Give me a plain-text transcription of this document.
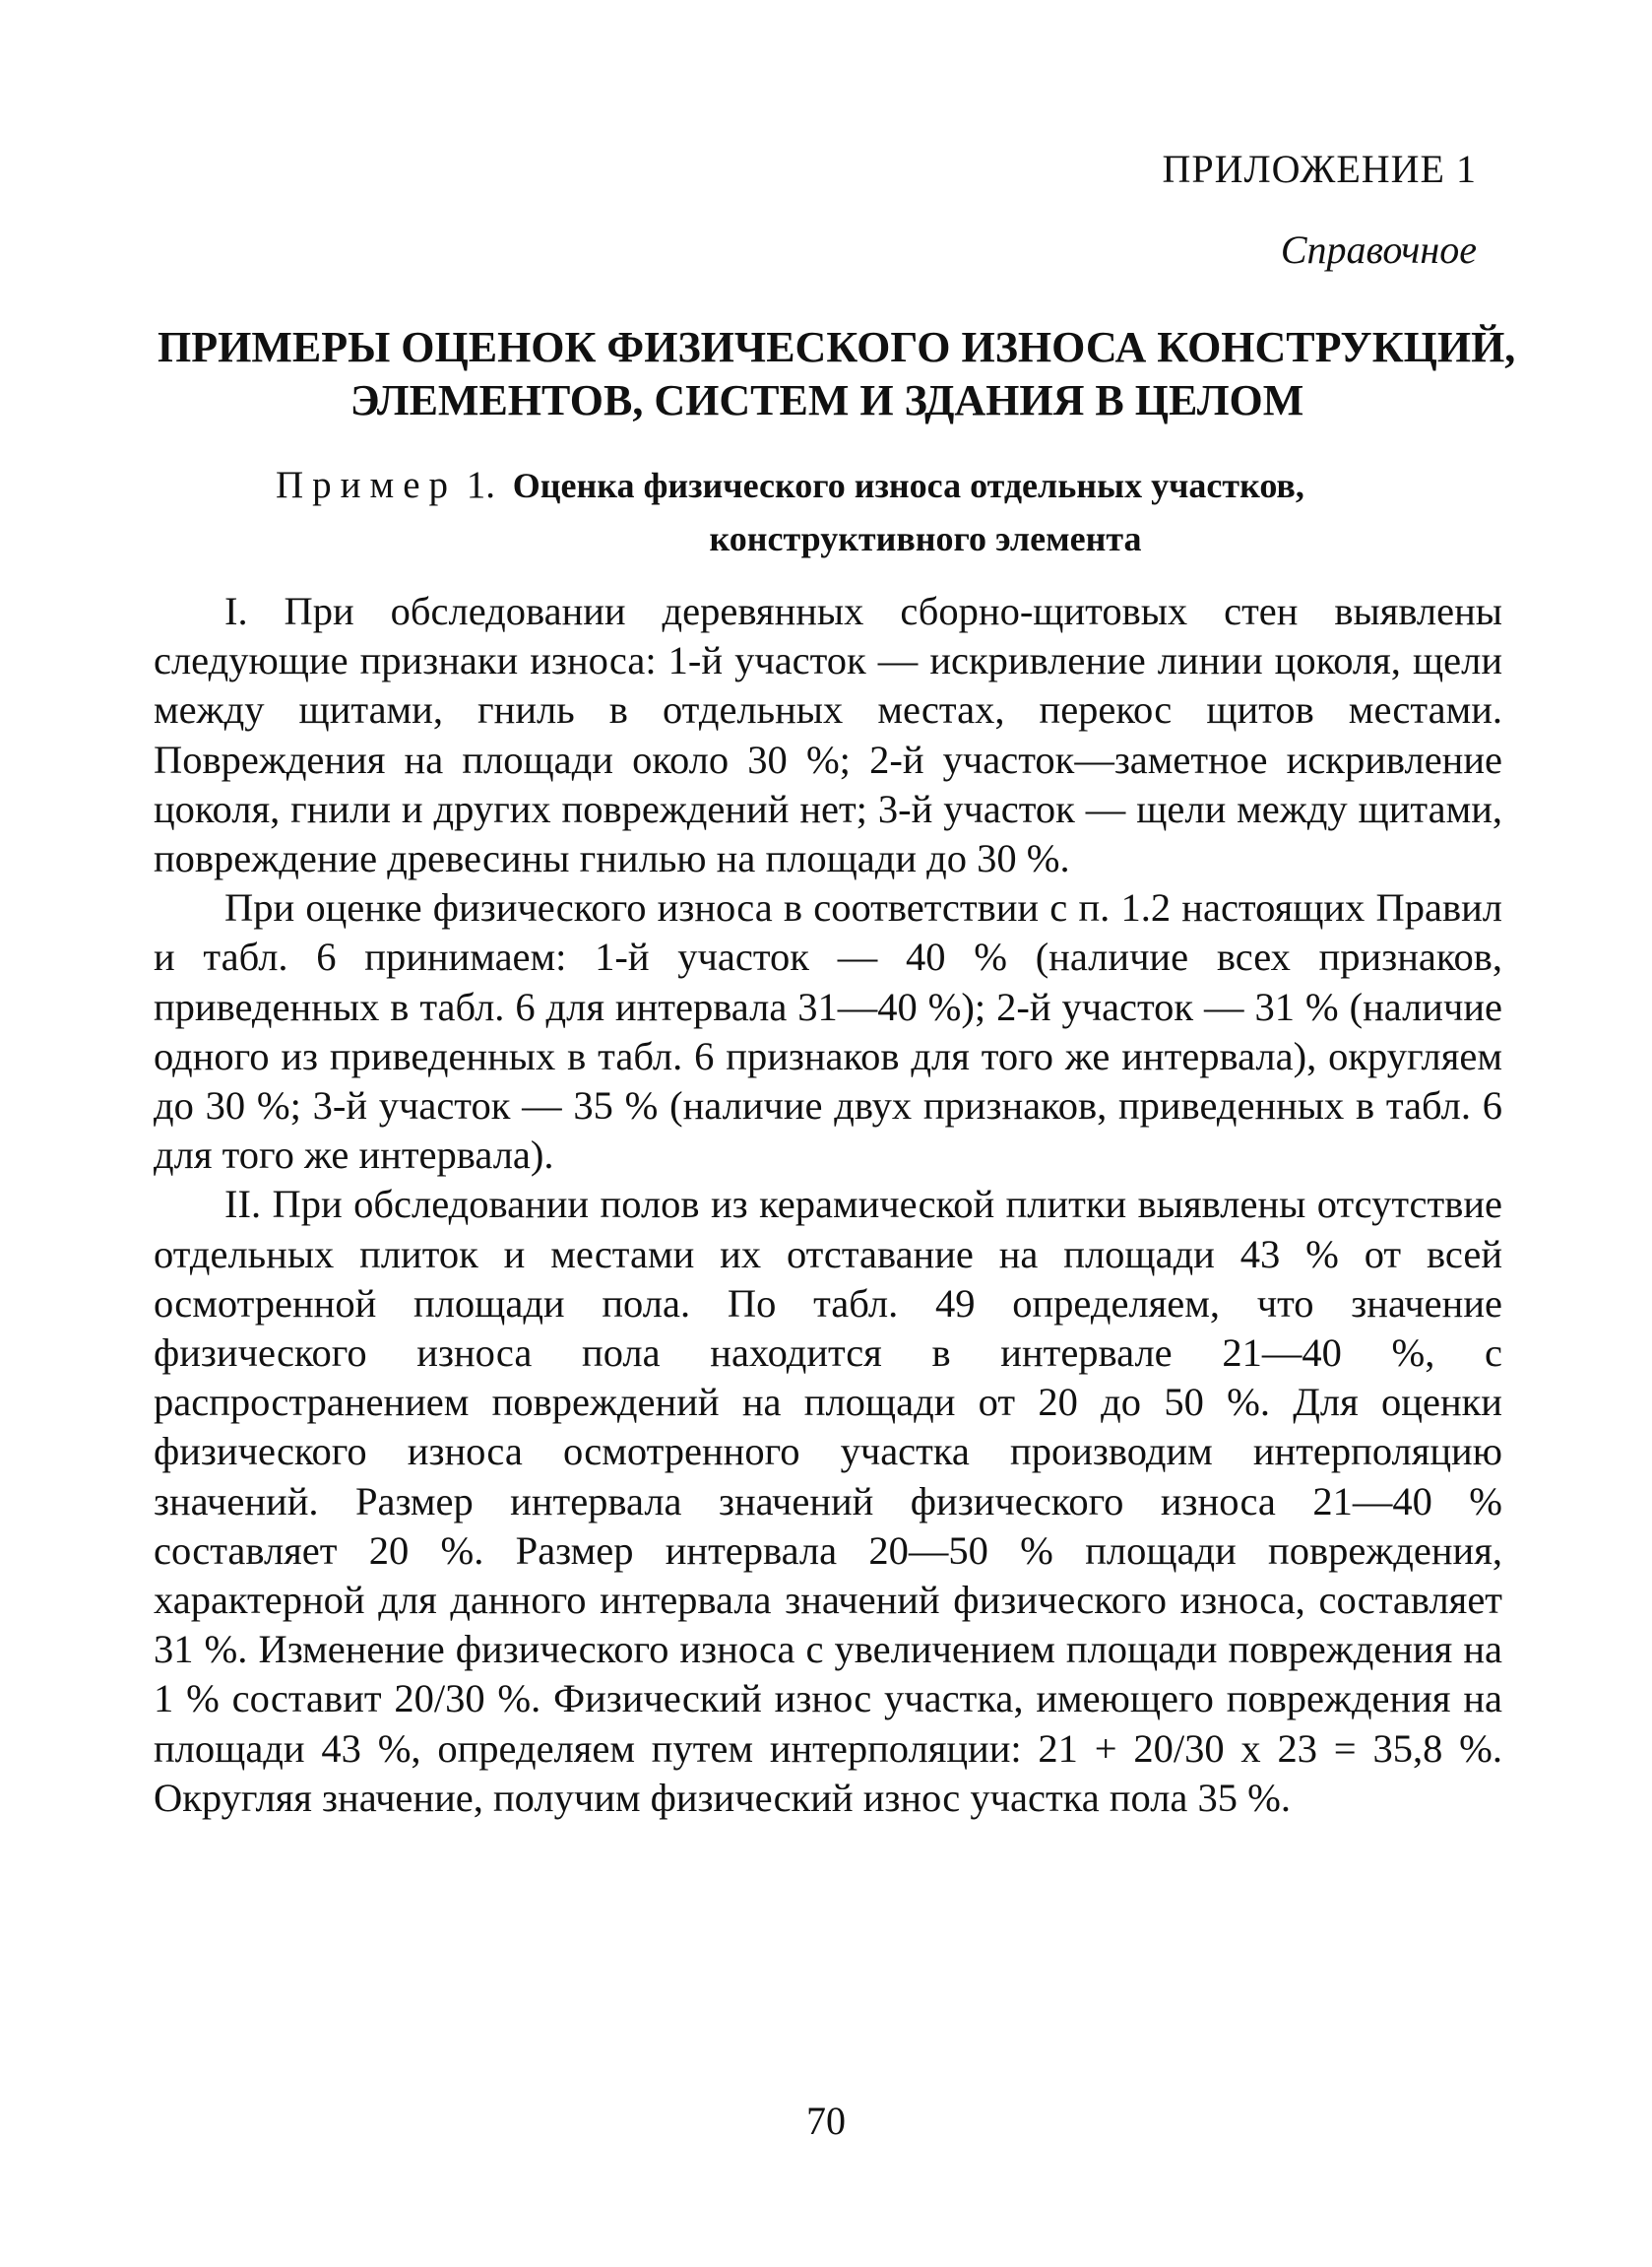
ПРИЛОЖЕНИЕ 1
Справочное
ПРИМЕРЫ ОЦЕНОК ФИЗИЧЕСКОГО ИЗНОСА КОНСТРУКЦИЙ,
ЭЛЕМЕНТОВ, СИСТЕМ И ЗДАНИЯ В ЦЕЛОМ
Пример 1. Оценка физического износа отдельных участков,
конструктивного элемента

I. При обследовании деревянных сборно-щитовых стен выявлены следующие признаки износа: 1-й участок — искривление линии цоколя, щели между щитами, гниль в отдельных местах, перекос щитов местами. Повреждения на площади около 30 %; 2-й участок—заметное искривление цоколя, гнили и других повреждений нет; 3-й участок — щели между щитами, повреждение древесины гнилью на площади до 30 %.

При оценке физического износа в соответствии с п. 1.2 настоящих Правил и табл. 6 принимаем: 1-й участок — 40 % (наличие всех признаков, приведенных в табл. 6 для интервала 31—40 %); 2-й участок — 31 % (наличие одного из приведенных в табл. 6 признаков для того же интервала), округляем до 30 %; 3-й участок — 35 % (наличие двух признаков, приведенных в табл. 6 для того же интервала).

II. При обследовании полов из керамической плитки выявлены отсутствие отдельных плиток и местами их отставание на площади 43 % от всей осмотренной площади пола. По табл. 49 определяем, что значение физического износа пола находится в интервале 21—40 %, с распространением повреждений на площади от 20 до 50 %. Для оценки физического износа осмотренного участка производим интерполяцию значений. Размер интервала значений физического износа 21—40 % составляет 20 %. Размер интервала 20—50 % площади повреждения, характерной для данного интервала значений физического износа, составляет 31 %. Изменение физического износа с увеличением площади повреждения на 1 % составит 20/30 %. Физический износ участка, имеющего повреждения на площади 43 %, определяем путем интерполяции: 21 + 20/30 х 23 = 35,8 %. Округляя значение, получим физический износ участка пола 35 %.

70
